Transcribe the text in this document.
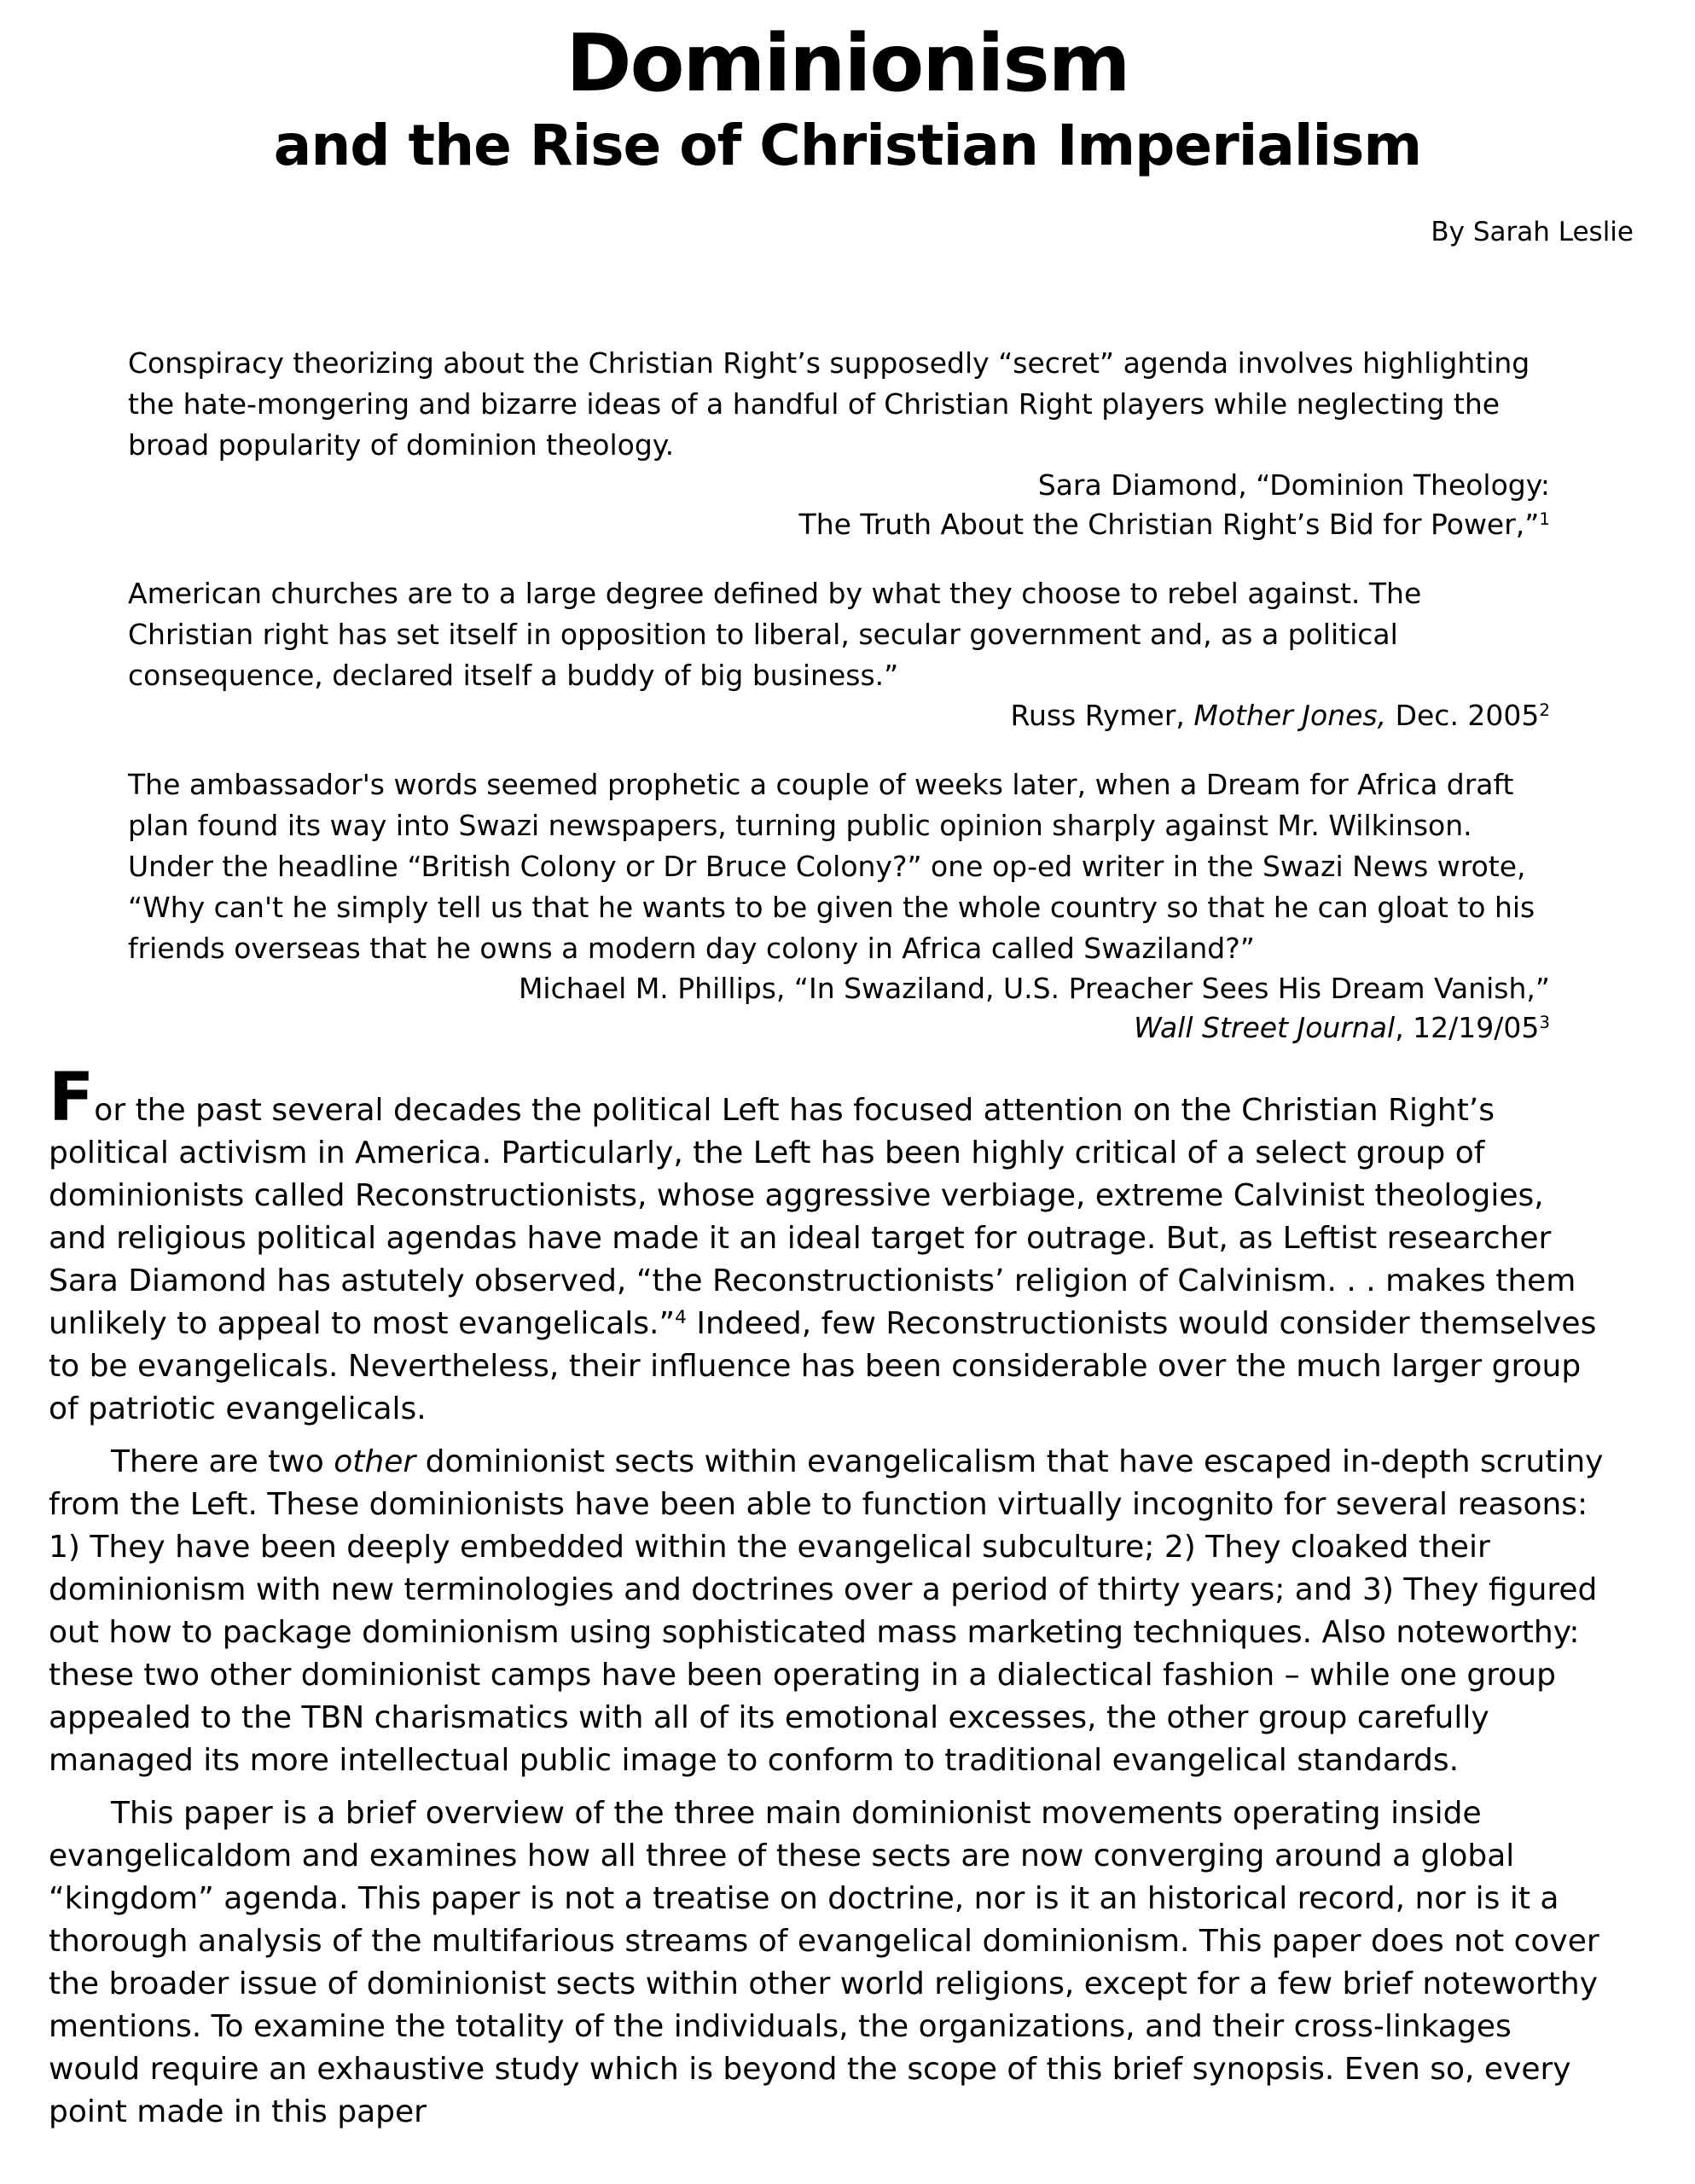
Dominionism
and the Rise of Christian Imperialism
By Sarah Leslie

Conspiracy theorizing about the Christian Right’s supposedly “secret” agenda involves highlighting the hate-mongering and bizarre ideas of a handful of Christian Right players while neglecting the broad popularity of dominion theology.

Sara Diamond, “Dominion Theology:

The Truth About the Christian Right’s Bid for Power,”$^1$

American churches are to a large degree defined by what they choose to rebel against. The Christian right has set itself in opposition to liberal, secular government and, as a political consequence, declared itself a buddy of big business.”

Russ Rymer, Mother Jones, Dec. 2005$^2$

The ambassador's words seemed prophetic a couple of weeks later, when a Dream for Africa draft plan found its way into Swazi newspapers, turning public opinion sharply against Mr. Wilkinson. Under the headline “British Colony or Dr Bruce Colony?” one op-ed writer in the Swazi News wrote, “Why can't he simply tell us that he wants to be given the whole country so that he can gloat to his friends overseas that he owns a modern day colony in Africa called Swaziland?”

Michael M. Phillips, “In Swaziland, U.S. Preacher Sees His Dream Vanish,”

Wall Street Journal, $12/19/05^3$

For the past several decades the political Left has focused attention on the Christian Right’s political activism in America. Particularly, the Left has been highly critical of a select group of dominionists called Reconstructionists, whose aggressive verbiage, extreme Calvinist theologies, and religious political agendas have made it an ideal target for outrage. But, as Leftist researcher Sara Diamond has astutely observed, “the Reconstructionists’ religion of Calvinism. . . makes them unlikely to appeal to most evangelicals.”$^4$ Indeed, few Reconstructionists would consider themselves to be evangelicals. Nevertheless, their influence has been considerable over the much larger group of patriotic evangelicals.

There are two other dominionist sects within evangelicalism that have escaped in-depth scrutiny from the Left. These dominionists have been able to function virtually incognito for several reasons: 1) They have been deeply embedded within the evangelical subculture; 2) They cloaked their dominionism with new terminologies and doctrines over a period of thirty years; and 3) They figured out how to package dominionism using sophisticated mass marketing techniques. Also noteworthy: these two other dominionist camps have been operating in a dialectical fashion – while one group appealed to the TBN charismatics with all of its emotional excesses, the other group carefully managed its more intellectual public image to conform to traditional evangelical standards.

This paper is a brief overview of the three main dominionist movements operating inside evangelicaldom and examines how all three of these sects are now converging around a global “kingdom” agenda. This paper is not a treatise on doctrine, nor is it an historical record, nor is it a thorough analysis of the multifarious streams of evangelical dominionism. This paper does not cover the broader issue of dominionist sects within other world religions, except for a few brief noteworthy mentions. To examine the totality of the individuals, the organizations, and their cross-linkages would require an exhaustive study which is beyond the scope of this brief synopsis. Even so, every point made in this paper
